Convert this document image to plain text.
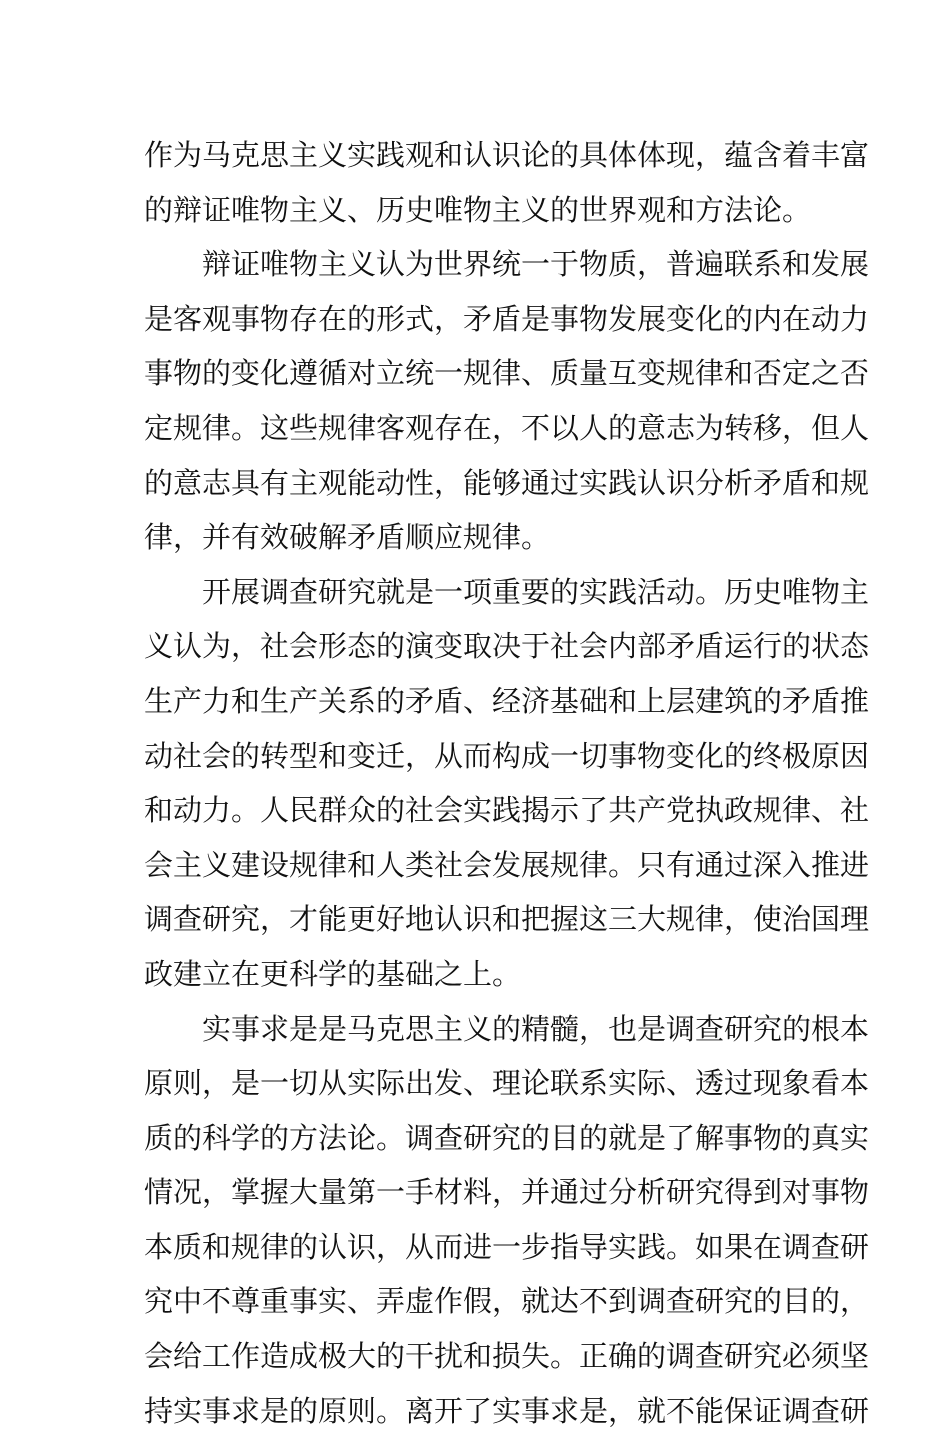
作为马克思主义实践观和认识论的具体体现，蕴含着丰富
的辩证唯物主义、历史唯物主义的世界观和方法论。
辩证唯物主义认为世界统一于物质，普遍联系和发展
是客观事物存在的形式，矛盾是事物发展变化的内在动力
事物的变化遵循对立统一规律、质量互变规律和否定之否
定规律。这些规律客观存在，不以人的意志为转移，但人
的意志具有主观能动性，能够通过实践认识分析矛盾和规
律，并有效破解矛盾顺应规律。
开展调查研究就是一项重要的实践活动。历史唯物主
义认为，社会形态的演变取决于社会内部矛盾运行的状态
生产力和生产关系的矛盾、经济基础和上层建筑的矛盾推
动社会的转型和变迁，从而构成一切事物变化的终极原因
和动力。人民群众的社会实践揭示了共产党执政规律、社
会主义建设规律和人类社会发展规律。只有通过深入推进
调查研究，才能更好地认识和把握这三大规律，使治国理
政建立在更科学的基础之上。
实事求是是马克思主义的精髓，也是调查研究的根本
原则，是一切从实际出发、理论联系实际、透过现象看本
质的科学的方法论。调查研究的目的就是了解事物的真实
情况，掌握大量第一手材料，并通过分析研究得到对事物
本质和规律的认识，从而进一步指导实践。如果在调查研
究中不尊重事实、弄虚作假，就达不到调查研究的目的，
会给工作造成极大的干扰和损失。正确的调查研究必须坚
持实事求是的原则。离开了实事求是，就不能保证调查研
